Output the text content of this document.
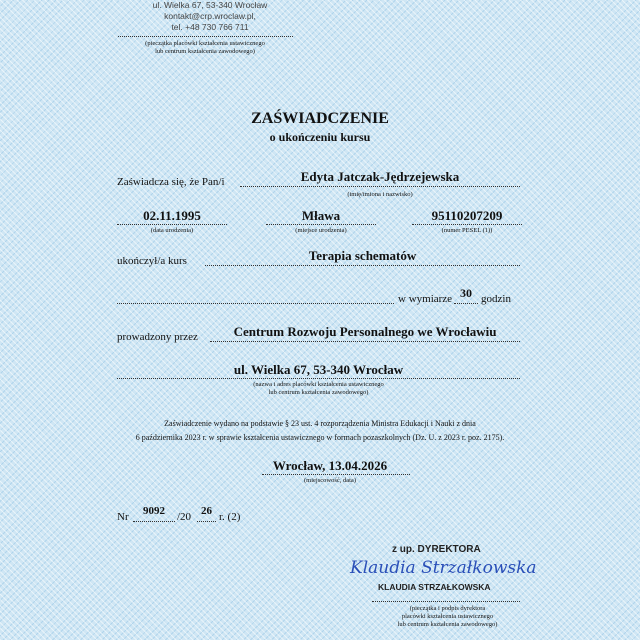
ul. Wielka 67, 53-340 Wrocław
kontakt@crp.wroclaw.pl,
tel. +48 730 766 711
(pieczątka placówki kształcenia ustawicznego
lub centrum kształcenia zawodowego)
ZAŚWIADCZENIE
o ukończeniu kursu
Zaświadcza się, że Pan/i	Edyta Jatczak-Jędrzejewska
(imię/imiona i nazwisko)
02.11.1995
(data urodzenia)
Mława
(miejsce urodzenia)
95110207209
(numer PESEL (1))
ukończył/a kurs	Terapia schematów
w wymiarze 30 godzin
prowadzony przez	Centrum Rozwoju Personalnego we Wrocławiu
ul. Wielka 67, 53-340 Wrocław
(nazwa i adres placówki kształcenia ustawicznego
lub centrum kształcenia zawodowego)
Zaświadczenie wydano na podstawie § 23 ust. 4 rozporządzenia Ministra Edukacji i Nauki z dnia
6 października 2023 r. w sprawie kształcenia ustawicznego w formach pozaszkolnych (Dz. U. z 2023 r. poz. 2175).
Wrocław, 13.04.2026
(miejscowość, data)
Nr	9092	/20 26 r. (2)
z up. DYREKTORA
Klaudia Strzałkowska
KLAUDIA STRZAŁKOWSKA
(pieczątka i podpis dyrektora
placówki kształcenia ustawicznego
lub centrum kształcenia zawodowego)
